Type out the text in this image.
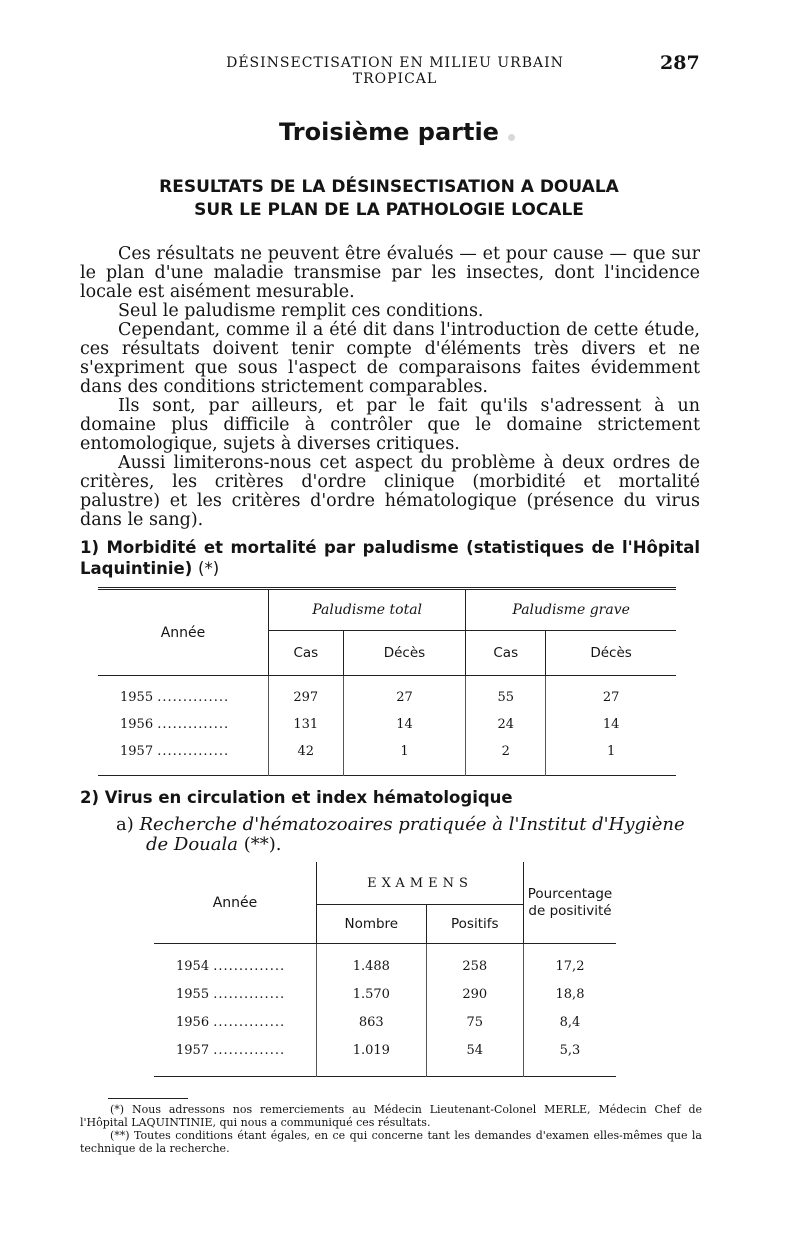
DÉSINSECTISATION EN MILIEU URBAIN TROPICAL
287
Troisième partie
RESULTATS DE LA DÉSINSECTISATION A DOUALA
SUR LE PLAN DE LA PATHOLOGIE LOCALE

Ces résultats ne peuvent être évalués — et pour cause — que sur le plan d'une maladie transmise par les insectes, dont l'incidence locale est aisément mesurable.

Seul le paludisme remplit ces conditions.

Cependant, comme il a été dit dans l'introduction de cette étude, ces résultats doivent tenir compte d'éléments très divers et ne s'expriment que sous l'aspect de comparaisons faites évidemment dans des conditions strictement comparables.

Ils sont, par ailleurs, et par le fait qu'ils s'adressent à un domaine plus difficile à contrôler que le domaine strictement entomologique, sujets à diverses critiques.

Aussi limiterons-nous cet aspect du problème à deux ordres de critères, les critères d'ordre clinique (morbidité et mortalité palustre) et les critères d'ordre hématologique (présence du virus dans le sang).

1) Morbidité et mortalité par paludisme (statistiques de l'Hôpital Laquintinie) (*)
Année	Paludisme total		Paludisme grave	
	Cas	Décès	Cas	Décès
1955 ..............	297	27	55	27
1956 ..............	131	14	24	14
1957 ..............	42	1	2	1
2) Virus en circulation et index hématologique
a) Recherche d'hématozoaires pratiquée à l'Institut d'Hygiène
de Douala (**).
Année	EXAMENS		Pourcentage
de positivité

	Nombre	Positifs	
1954 ..............	1.488	258	17,2
1955 ..............	1.570	290	18,8
1956 ..............	863	75	8,4
1957 ..............	1.019	54	5,3

(*) Nous adressons nos remerciements au Médecin Lieutenant-Colonel MERLE, Médecin Chef de l'Hôpital LAQUINTINIE, qui nous a communiqué ces résultats.

(**) Toutes conditions étant égales, en ce qui concerne tant les demandes d'examen elles-mêmes que la technique de la recherche.
